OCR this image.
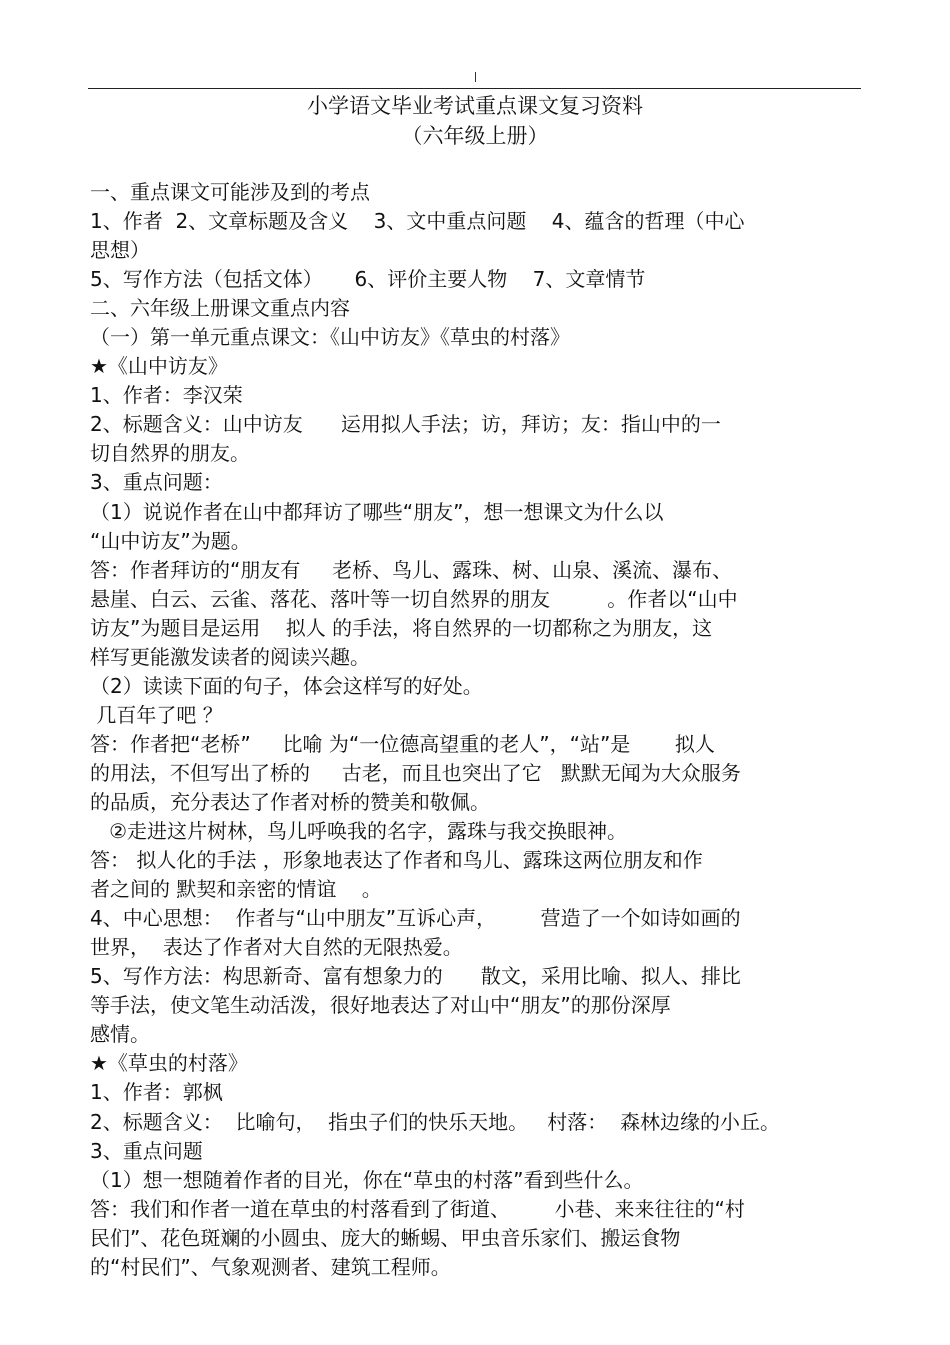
小学语文毕业考试重点课文复习资料
（六年级上册）
一、重点课文可能涉及到的考点
1、作者  2、文章标题及含义    3、文中重点问题    4、蕴含的哲理（中心
思想）
5、写作方法（包括文体）     6、评价主要人物    7、文章情节
二、六年级上册课文重点内容
（一）第一单元重点课文：《山中访友》《草虫的村落》
★《山中访友》
1、作者：李汉荣
2、标题含义：山中访友      运用拟人手法；访，拜访；友：指山中的一
切自然界的朋友。
3、重点问题：
（1）说说作者在山中都拜访了哪些“朋友”，想一想课文为什么以
“山中访友”为题。
答：作者拜访的“朋友有     老桥、鸟儿、露珠、树、山泉、溪流、瀑布、
悬崖、白云、云雀、落花、落叶等一切自然界的朋友         。作者以“山中
访友”为题目是运用    拟人 的手法，将自然界的一切都称之为朋友，这
样写更能激发读者的阅读兴趣。
（2）读读下面的句子，体会这样写的好处。
几百年了吧 ？
答：作者把“老桥”     比喻 为“一位德高望重的老人”，“站”是       拟人
的用法，不但写出了桥的     古老，而且也突出了它   默默无闻为大众服务
的品质，充分表达了作者对桥的赞美和敬佩。
②走进这片树林，鸟儿呼唤我的名字，露珠与我交换眼神。
答： 拟人化的手法 ，形象地表达了作者和鸟儿、露珠这两位朋友和作
者之间的 默契和亲密的情谊    。
4、中心思想：  作者与“山中朋友”互诉心声，       营造了一个如诗如画的
世界，  表达了作者对大自然的无限热爱。
5、写作方法：构思新奇、富有想象力的      散文，采用比喻、拟人、排比
等手法，使文笔生动活泼，很好地表达了对山中“朋友”的那份深厚
感情。
★《草虫的村落》
1、作者：郭枫
2、标题含义：  比喻句，  指虫子们的快乐天地。   村落：  森林边缘的小丘。
3、重点问题
（1）想一想随着作者的目光，你在“草虫的村落”看到些什么。
答：我们和作者一道在草虫的村落看到了街道、       小巷、来来往往的“村
民们”、花色斑斓的小圆虫、庞大的蜥蜴、甲虫音乐家们、搬运食物
的“村民们”、气象观测者、建筑工程师。
